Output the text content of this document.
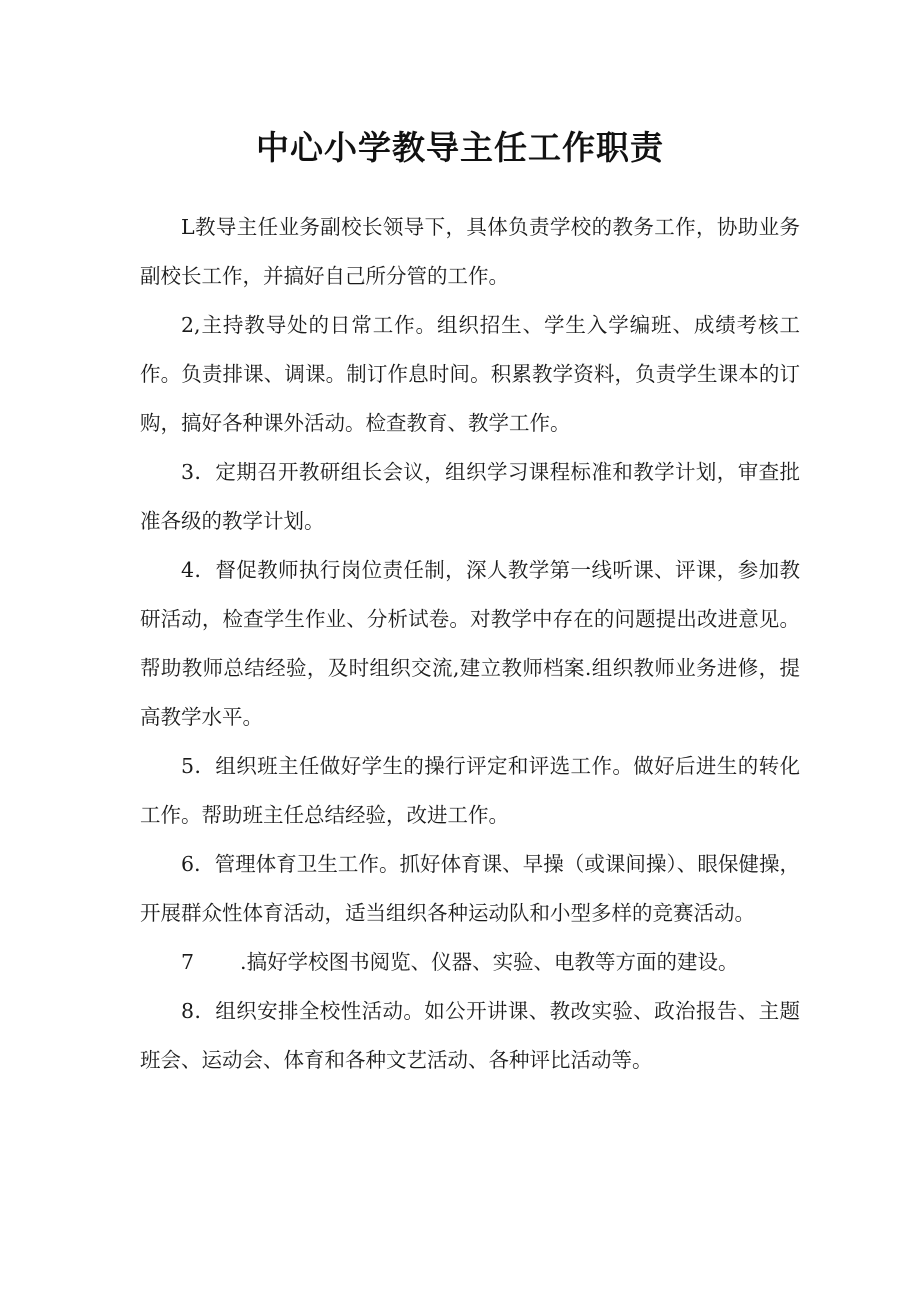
中心小学教导主任工作职责

L教导主任业务副校长领导下，具体负责学校的教务工作，协助业务副校长工作，并搞好自己所分管的工作。

2,主持教导处的日常工作。组织招生、学生入学编班、成绩考核工作。负责排课、调课。制订作息时间。积累教学资料，负责学生课本的订购，搞好各种课外活动。检查教育、教学工作。

3．定期召开教研组长会议，组织学习课程标准和教学计划，审查批准各级的教学计划。

4．督促教师执行岗位责任制，深人教学第一线听课、评课，参加教研活动，检查学生作业、分析试卷。对教学中存在的问题提出改进意见。帮助教师总结经验，及时组织交流,建立教师档案.组织教师业务进修，提高教学水平。

5．组织班主任做好学生的操行评定和评选工作。做好后进生的转化工作。帮助班主任总结经验，改进工作。

6．管理体育卫生工作。抓好体育课、早操（或课间操）、眼保健操，开展群众性体育活动，适当组织各种运动队和小型多样的竞赛活动。

7 .搞好学校图书阅览、仪器、实验、电教等方面的建设。

8．组织安排全校性活动。如公开讲课、教改实验、政治报告、主题班会、运动会、体育和各种文艺活动、各种评比活动等。
